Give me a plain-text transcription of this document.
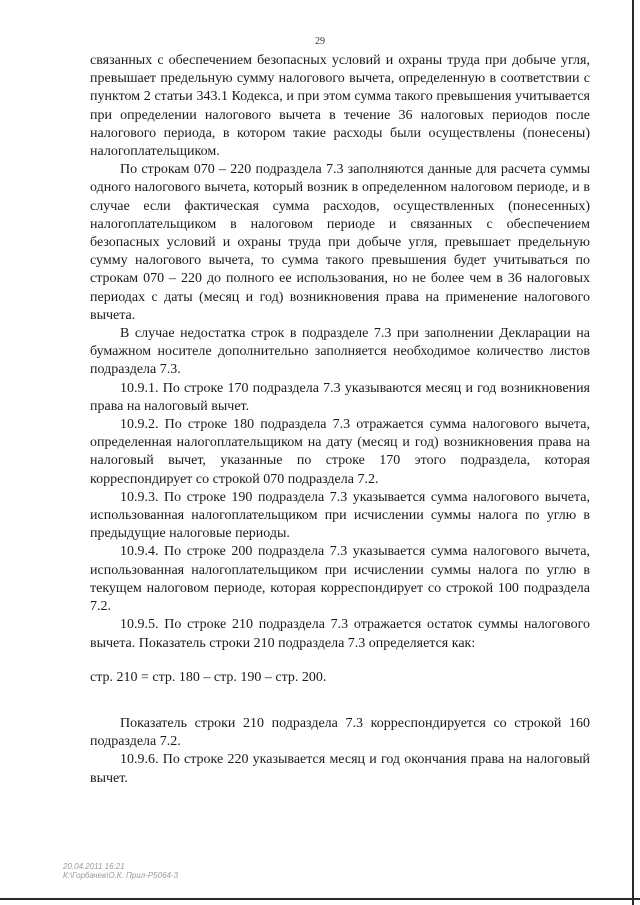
29

связанных с обеспечением безопасных условий и охраны труда при добыче угля, превышает предельную сумму налогового вычета, определенную в соответствии с пунктом 2 статьи 343.1 Кодекса, и при этом сумма такого превышения учитывается при определении налогового вычета в течение 36 налоговых периодов после налогового периода, в котором такие расходы были осуществлены (понесены) налогоплательщиком.

По строкам 070 – 220 подраздела 7.3 заполняются данные для расчета суммы одного налогового вычета, который возник в определенном налоговом периоде, и в случае если фактическая сумма расходов, осуществленных (понесенных) налогоплательщиком в налоговом периоде и связанных с обеспечением безопасных условий и охраны труда при добыче угля, превышает предельную сумму налогового вычета, то сумма такого превышения будет учитываться по строкам 070 – 220 до полного ее использования, но не более чем в 36 налоговых периодах с даты (месяц и год) возникновения права на применение налогового вычета.

В случае недостатка строк в подразделе 7.3 при заполнении Декларации на бумажном носителе дополнительно заполняется необходимое количество листов подраздела 7.3.

10.9.1. По строке 170 подраздела 7.3 указываются месяц и год возникновения права на налоговый вычет.

10.9.2. По строке 180 подраздела 7.3 отражается сумма налогового вычета, определенная налогоплательщиком на дату (месяц и год) возникновения права на налоговый вычет, указанные по строке 170 этого подраздела, которая корреспондирует со строкой 070 подраздела 7.2.

10.9.3. По строке 190 подраздела 7.3 указывается сумма налогового вычета, использованная налогоплательщиком при исчислении суммы налога по углю в предыдущие налоговые периоды.

10.9.4. По строке 200 подраздела 7.3 указывается сумма налогового вычета, использованная налогоплательщиком при исчислении суммы налога по углю в текущем налоговом периоде, которая корреспондирует со строкой 100 подраздела 7.2.

10.9.5. По строке 210 подраздела 7.3 отражается остаток суммы налогового вычета. Показатель строки 210 подраздела 7.3 определяется как:

стр. 210 = стр. 180 – стр. 190 – стр. 200.

Показатель строки 210 подраздела 7.3 корреспондируется со строкой 160 подраздела 7.2.

10.9.6. По строке 220 указывается месяц и год окончания права на налоговый вычет.

20.04.2011 16:21
К:\Горбачев\О.К. Прил-Р5064-3
